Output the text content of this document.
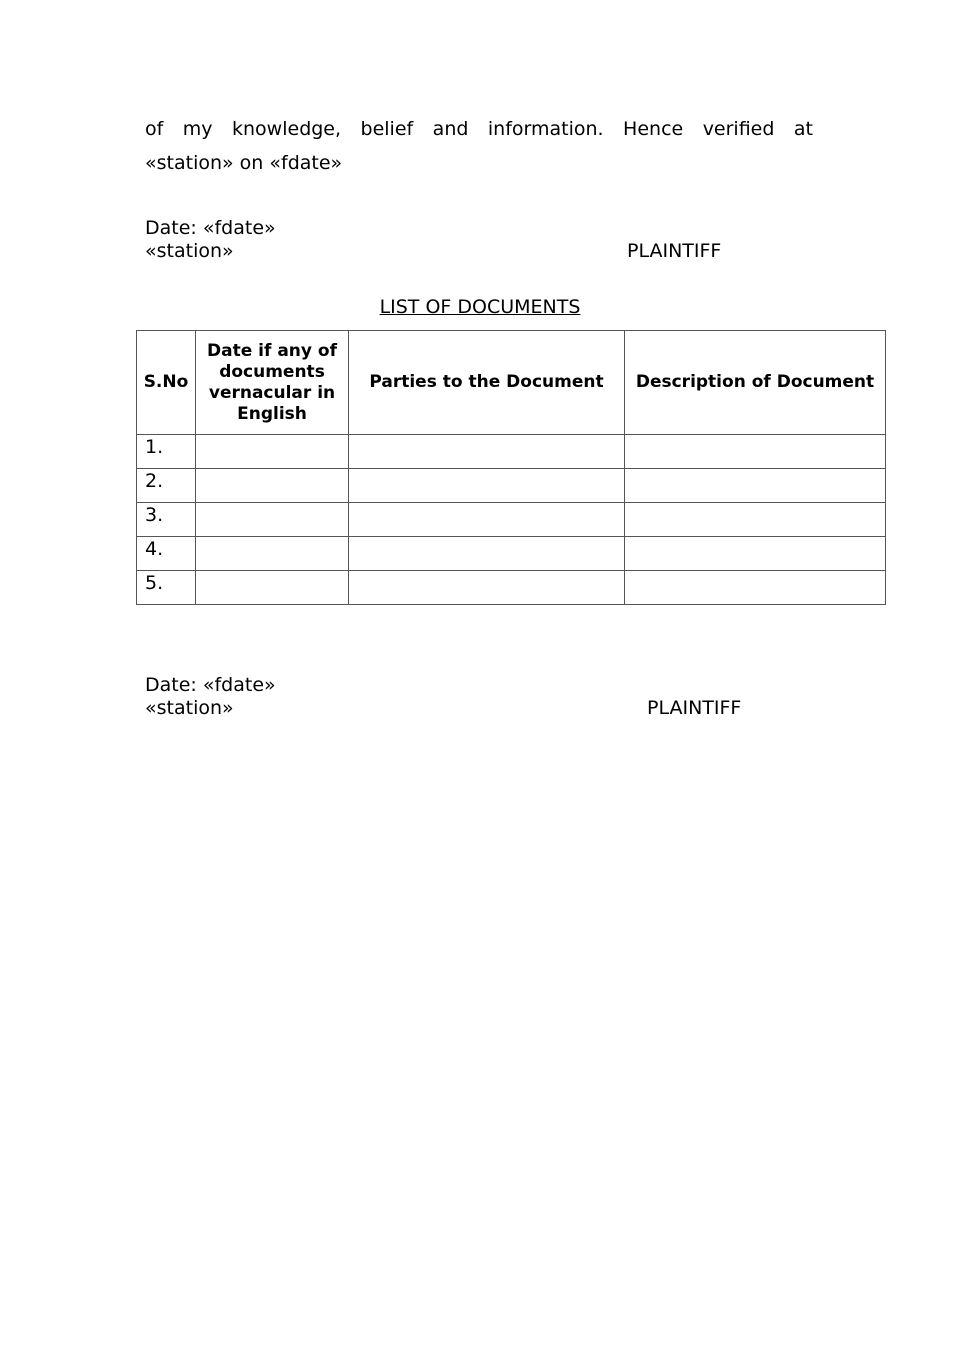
of my knowledge, belief and information. Hence verified at
«station» on «fdate»

Date: «fdate»
«station»	PLAINTIFF
LIST OF DOCUMENTS
S.No	Date if any of documents vernacular in English	Parties to the Document	Description of Document
1.			
2.			
3.			
4.			
5.			
Date: «fdate»
«station»	PLAINTIFF
